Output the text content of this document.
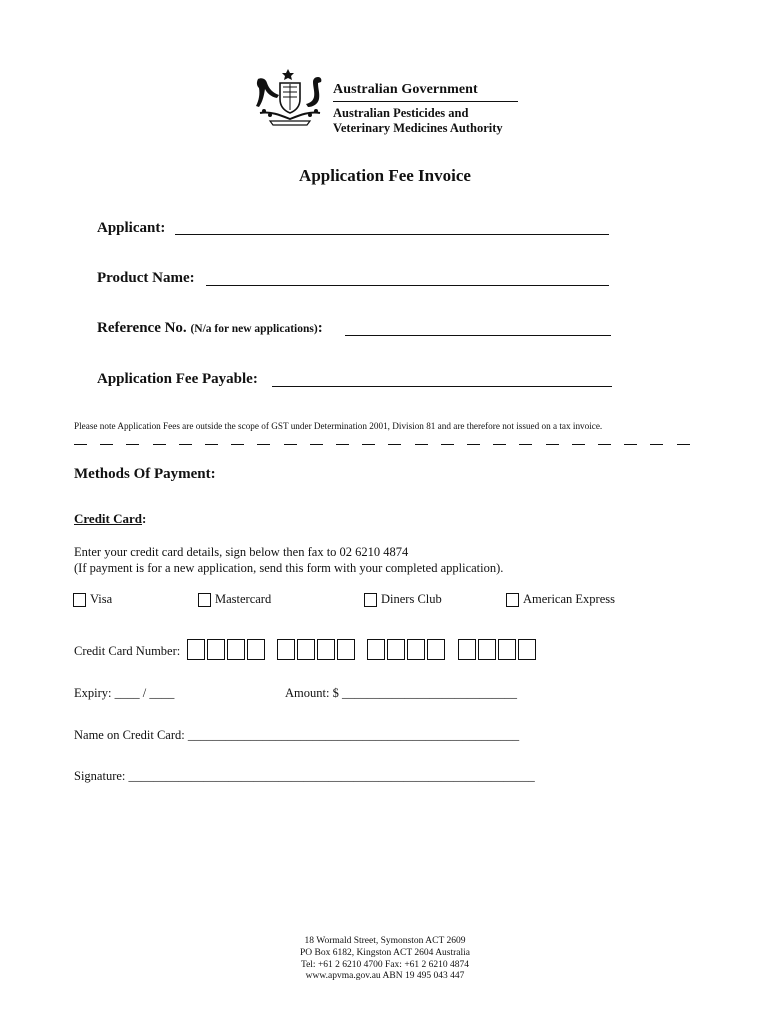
Australian Government
Australian Pesticides and
Veterinary Medicines Authority
Application Fee Invoice
Applicant:
Product Name:
Reference No. (N/a for new applications):
Application Fee Payable:
Please note Application Fees are outside the scope of GST under Determination 2001, Division 81 and are therefore not issued on a tax invoice.
Methods Of Payment:
Credit Card:
Enter your credit card details, sign below then fax to 02 6210 4874
(If payment is for a new application, send this form with your completed application).
Visa	Mastercard	Diners Club	American Express
Credit Card Number:
Expiry: ____ / ____	Amount: $ ____________________________
Name on Credit Card: _____________________________________________________
Signature: _________________________________________________________________
18 Wormald Street, Symonston ACT 2609
PO Box 6182, Kingston ACT 2604 Australia
Tel: +61 2 6210 4700 Fax: +61 2 6210 4874
www.apvma.gov.au ABN 19 495 043 447
